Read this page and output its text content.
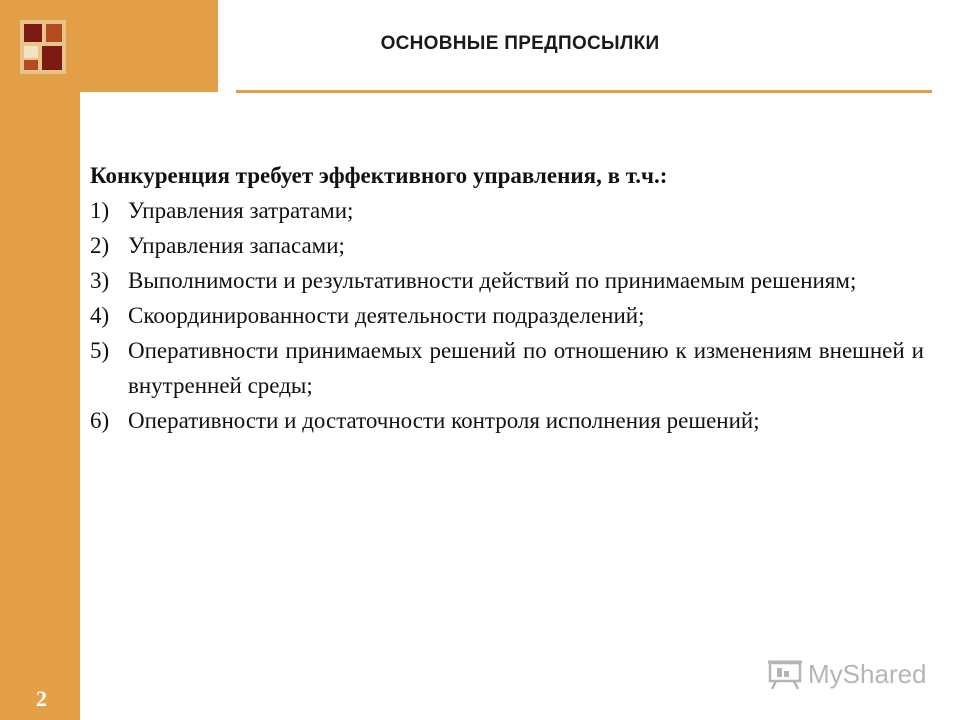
ОСНОВНЫЕ ПРЕДПОСЫЛКИ
Конкуренция требует эффективного управления, в т.ч.:
1) Управления затратами;
2) Управления запасами;
3) Выполнимости и результативности действий по принимаемым решениям;
4) Скоординированности деятельности подразделений;
5) Оперативности принимаемых решений по отношению к изменениям внешней и внутренней среды;
6) Оперативности и достаточности контроля исполнения решений;
2
MyShared
